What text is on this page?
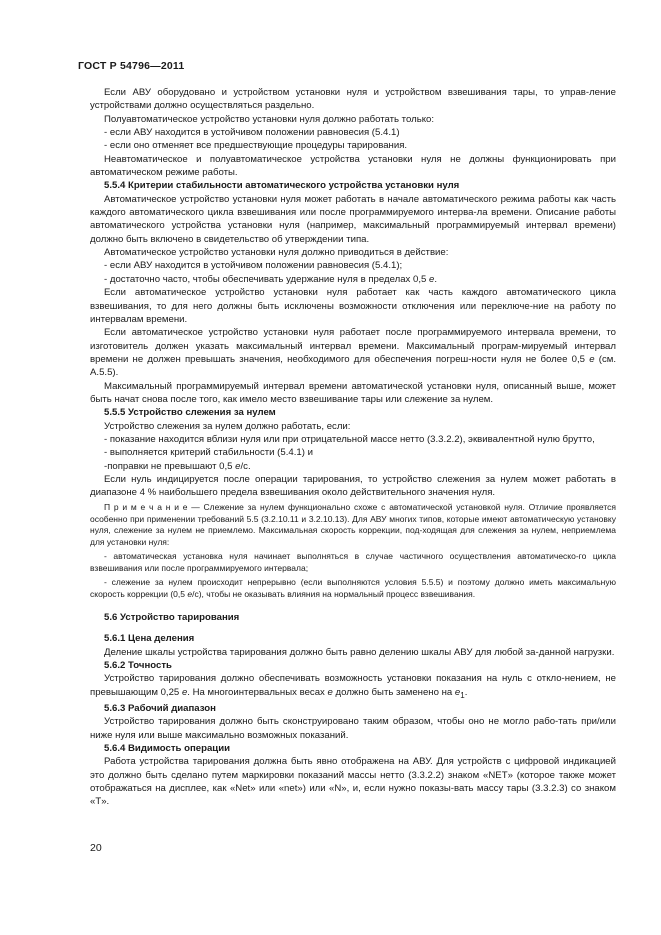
ГОСТ Р 54796—2011

Если АВУ оборудовано и устройством установки нуля и устройством взвешивания тары, то управ-ление устройствами должно осуществляться раздельно.

Полуавтоматическое устройство установки нуля должно работать только:

- если АВУ находится в устойчивом положении равновесия (5.4.1)

- если оно отменяет все предшествующие процедуры тарирования.

Неавтоматическое и полуавтоматическое устройства установки нуля не должны функционировать при автоматическом режиме работы.

5.5.4 Критерии стабильности автоматического устройства установки нуля

Автоматическое устройство установки нуля может работать в начале автоматического режима работы как часть каждого автоматического цикла взвешивания или после программируемого интерва-ла времени. Описание работы автоматического устройства установки нуля (например, максимальный программируемый интервал времени) должно быть включено в свидетельство об утверждении типа.

Автоматическое устройство установки нуля должно приводиться в действие:

- если АВУ находится в устойчивом положении равновесия (5.4.1);

- достаточно часто, чтобы обеспечивать удержание нуля в пределах 0,5 е.

Если автоматическое устройство установки нуля работает как часть каждого автоматического цикла взвешивания, то для него должны быть исключены возможности отключения или переключе-ние на работу по интервалам времени.

Если автоматическое устройство установки нуля работает после программируемого интервала времени, то изготовитель должен указать максимальный интервал времени. Максимальный програм-мируемый интервал времени не должен превышать значения, необходимого для обеспечения погреш-ности нуля не более 0,5 е (см. А.5.5).

Максимальный программируемый интервал времени автоматической установки нуля, описанный выше, может быть начат снова после того, как имело место взвешивание тары или слежение за нулем.

5.5.5 Устройство слежения за нулем

Устройство слежения за нулем должно работать, если:

- показание находится вблизи нуля или при отрицательной массе нетто (3.3.2.2), эквивалентной нулю брутто,

- выполняется критерий стабильности (5.4.1) и

-поправки не превышают 0,5 е/с.

Если нуль индицируется после операции тарирования, то устройство слежения за нулем может работать в диапазоне 4 % наибольшего предела взвешивания около действительного значения нуля.

П р и м е ч а н и е — Слежение за нулем функционально схоже с автоматической установкой нуля. Отличие проявляется особенно при применении требований 5.5 (3.2.10.11 и 3.2.10.13). Для АВУ многих типов, которые имеют автоматическую установку нуля, слежение за нулем не приемлемо. Максимальная скорость коррекции, под-ходящая для слежения за нулем, неприемлема для установки нуля:

- автоматическая установка нуля начинает выполняться в случае частичного осуществления автоматическо-го цикла взвешивания или после программируемого интервала;

- слежение за нулем происходит непрерывно (если выполняются условия 5.5.5) и поэтому должно иметь максимальную скорость коррекции (0,5 е/с), чтобы не оказывать влияния на нормальный процесс взвешивания.

5.6 Устройство тарирования

5.6.1 Цена деления

Деление шкалы устройства тарирования должно быть равно делению шкалы АВУ для любой за-данной нагрузки.

5.6.2 Точность

Устройство тарирования должно обеспечивать возможность установки показания на нуль с откло-нением, не превышающим 0,25 е. На многоинтервальных весах е должно быть заменено на $е_1$.

5.6.3 Рабочий диапазон

Устройство тарирования должно быть сконструировано таким образом, чтобы оно не могло рабо-тать при/или ниже нуля или выше максимально возможных показаний.

5.6.4 Видимость операции

Работа устройства тарирования должна быть явно отображена на АВУ. Для устройств с цифровой индикацией это должно быть сделано путем маркировки показаний массы нетто (3.3.2.2) знаком «NET» (которое также может отображаться на дисплее, как «Net» или «net») или «N», и, если нужно показы-вать массу тары (3.3.2.3) со знаком «T».

20
